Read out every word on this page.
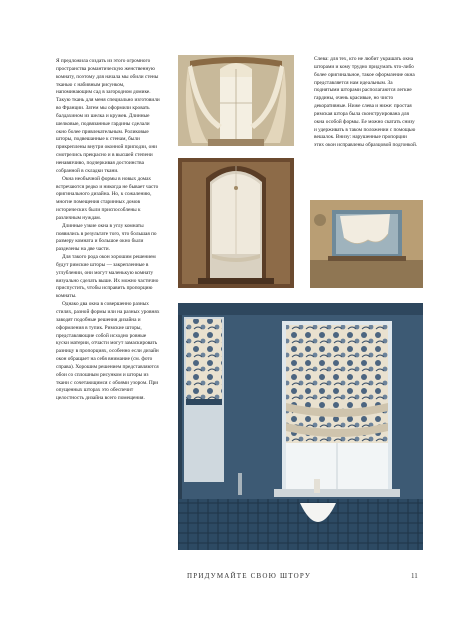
Я предложила создать из этого огромного пространства романтическую женственную комнату, поэтому для начала мы обили стены тканью с набивным рисунком, напоминающим сад в загородном домике. Такую ткань для меня специально изготовили во Франции. Затем мы оформили кровать балдахином из шелка и кружев. Длинные шелковые, подвязанные гардины сделали окно более привлекательным. Роликовые шторы, подвешанные к стенам, были прикреплены внутри оконной приподзи, они смотрелись прекрасно и в высшей степени ненавязчиво, подчеркивая достоинства собранной в складки ткани.

Окна необычной формы в новых домах встречаются редко и никогда не бывает часто оригинального дизайна. Но, к сожалению, многие помещения старинных домов исторических были приспособлены к различным нуждам.

Длинные узкие окна в углу комнаты появились в результате того, что большая по размеру комната и большое окно были разделены на две части.

Для такого рода окон хорошим решением будут римские шторы — закрепленные в углублении, они могут маленькую комнату визуально сделать выше. Их можно частично приспустить, чтобы исправить пропорцию комнаты.

Однако два окна в совершенно разных стилях, разной формы или на разных уровнях заводят подобные решения дизайна и оформления в тупик. Римские шторы, представляющие собой исходно ровные куски материи, отчасти могут замаскировать разницу в пропорциях, особенно если дизайн окон обращает на себя внимание (см. фото справа). Хорошим решением представляются обои со сплошным рисунком и шторы из ткани с сочетающимся с обоями узором. При опущенных шторах это обеспечит целостность дизайна всего помещения.

Слева: для тех, кто не любит украшать окна шторами и кому трудно придумать что-либо более оригинальное, такое оформление окна представляется нам идеальным. За поднятыми шторами располагаются легкие гардины, очень красивые, но чисто декоративные. Ниже слева и ниже: простая римская штора была сконструирована для окна особой формы. Ее можно скатать снизу и удерживать в таком положении с помощью вешалок. Внизу: нарушенные пропорции этих окон исправлены образцовой подгонкой.

ПРИДУМАЙТЕ СВОЮ ШТОРУ	11
